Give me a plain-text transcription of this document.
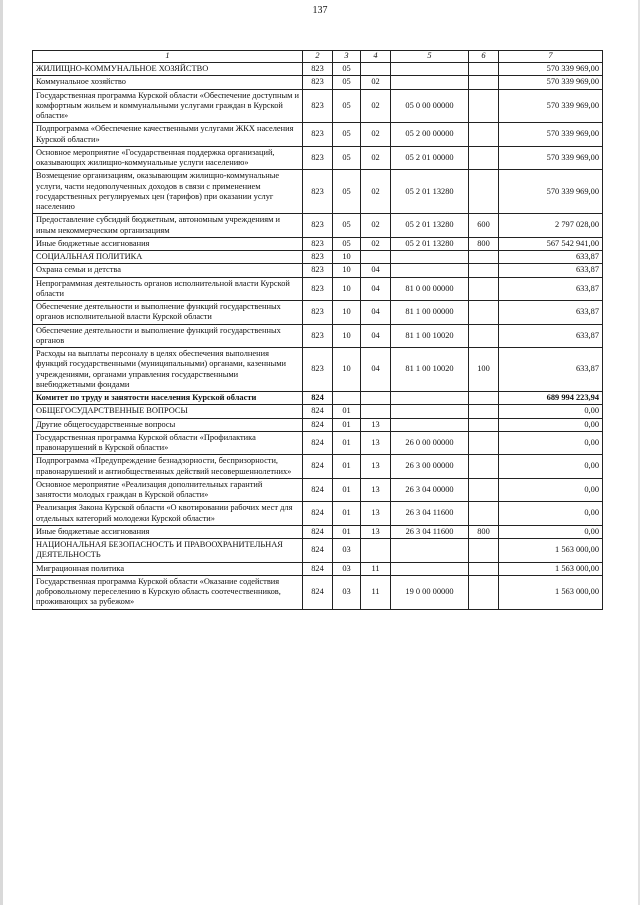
137
1	2	3	4	5	6	7
ЖИЛИЩНО-КОММУНАЛЬНОЕ ХОЗЯЙСТВО	823	05				570 339 969,00
Коммунальное хозяйство	823	05	02			570 339 969,00
Государственная программа Курской области «Обеспечение доступным и комфортным жильем и коммунальными услугами граждан в Курской области»	823	05	02	05 0 00 00000		570 339 969,00
Подпрограмма «Обеспечение качественными услугами ЖКХ населения Курской области»	823	05	02	05 2 00 00000		570 339 969,00
Основное мероприятие «Государственная поддержка организаций, оказывающих жилищно-коммунальные услуги населению»	823	05	02	05 2 01 00000		570 339 969,00
Возмещение организациям, оказывающим жилищно-коммунальные услуги, части недополученных доходов в связи с применением государственных регулируемых цен (тарифов) при оказании услуг населению	823	05	02	05 2 01 13280		570 339 969,00
Предоставление субсидий бюджетным, автономным учреждениям и иным некоммерческим организациям	823	05	02	05 2 01 13280	600	2 797 028,00
Иные бюджетные ассигнования	823	05	02	05 2 01 13280	800	567 542 941,00
СОЦИАЛЬНАЯ ПОЛИТИКА	823	10				633,87
Охрана семьи и детства	823	10	04			633,87
Непрограммная деятельность органов исполнительной власти Курской области	823	10	04	81 0 00 00000		633,87
Обеспечение деятельности и выполнение функций государственных органов исполнительной власти Курской области	823	10	04	81 1 00 00000		633,87
Обеспечение деятельности и выполнение функций государственных органов	823	10	04	81 1 00 10020		633,87
Расходы на выплаты персоналу в целях обеспечения выполнения функций государственными (муниципальными) органами, казенными учреждениями, органами управления государственными внебюджетными фондами	823	10	04	81 1 00 10020	100	633,87
Комитет по труду и занятости населения Курской области	824					689 994 223,94
ОБЩЕГОСУДАРСТВЕННЫЕ ВОПРОСЫ	824	01				0,00
Другие общегосударственные вопросы	824	01	13			0,00
Государственная программа Курской области «Профилактика правонарушений в Курской области»	824	01	13	26 0 00 00000		0,00
Подпрограмма «Предупреждение безнадзорности, беспризорности, правонарушений и антиобщественных действий несовершеннолетних»	824	01	13	26 3 00 00000		0,00
Основное мероприятие «Реализация дополнительных гарантий занятости молодых граждан в Курской области»	824	01	13	26 3 04 00000		0,00
Реализация Закона Курской области «О квотировании рабочих мест для отдельных категорий молодежи Курской области»	824	01	13	26 3 04 11600		0,00
Иные бюджетные ассигнования	824	01	13	26 3 04 11600	800	0,00
НАЦИОНАЛЬНАЯ БЕЗОПАСНОСТЬ И ПРАВООХРАНИТЕЛЬНАЯ ДЕЯТЕЛЬНОСТЬ	824	03				1 563 000,00
Миграционная политика	824	03	11			1 563 000,00
Государственная программа Курской области «Оказание содействия добровольному переселению в Курскую область соотечественников, проживающих за рубежом»	824	03	11	19 0 00 00000		1 563 000,00
